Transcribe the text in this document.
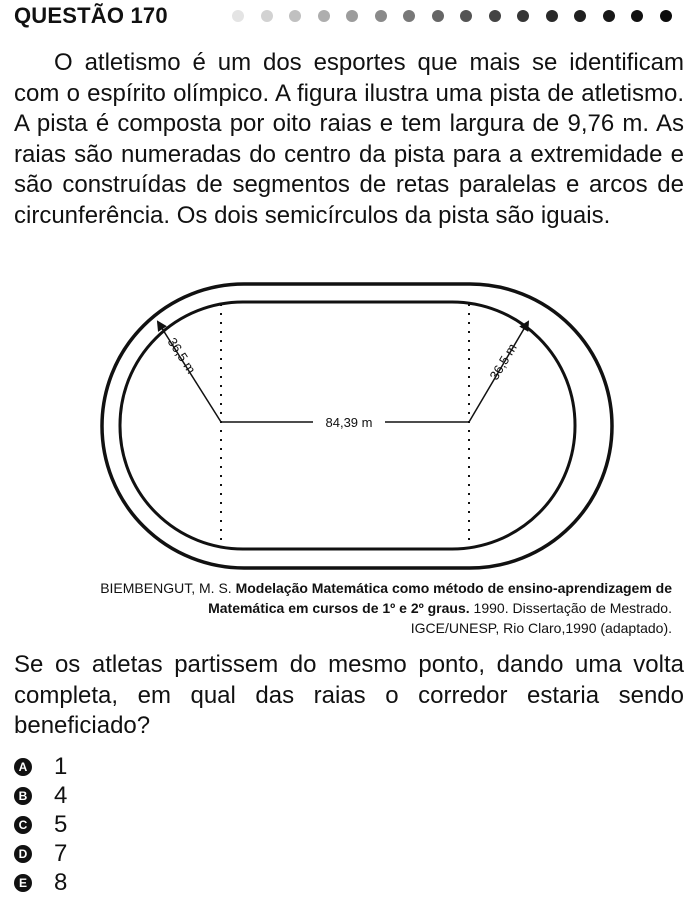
QUESTÃO 170

O atletismo é um dos esportes que mais se identificam com o espírito olímpico. A figura ilustra uma pista de atletismo. A pista é composta por oito raias e tem largura de 9,76 m. As raias são numeradas do centro da pista para a extremidade e são construídas de segmentos de retas paralelas e arcos de circunferência. Os dois semicírculos da pista são iguais.

84,39 m
36,5 m	36,5 m
BIEMBENGUT, M. S. Modelação Matemática como método de ensino-aprendizagem de Matemática em cursos de 1º e 2º graus. 1990. Dissertação de Mestrado.
IGCE/UNESP, Rio Claro,1990 (adaptado).

Se os atletas partissem do mesmo ponto, dando uma volta completa, em qual das raias o corredor estaria sendo beneficiado?

A 1
B 4
C 5
D 7
E 8
